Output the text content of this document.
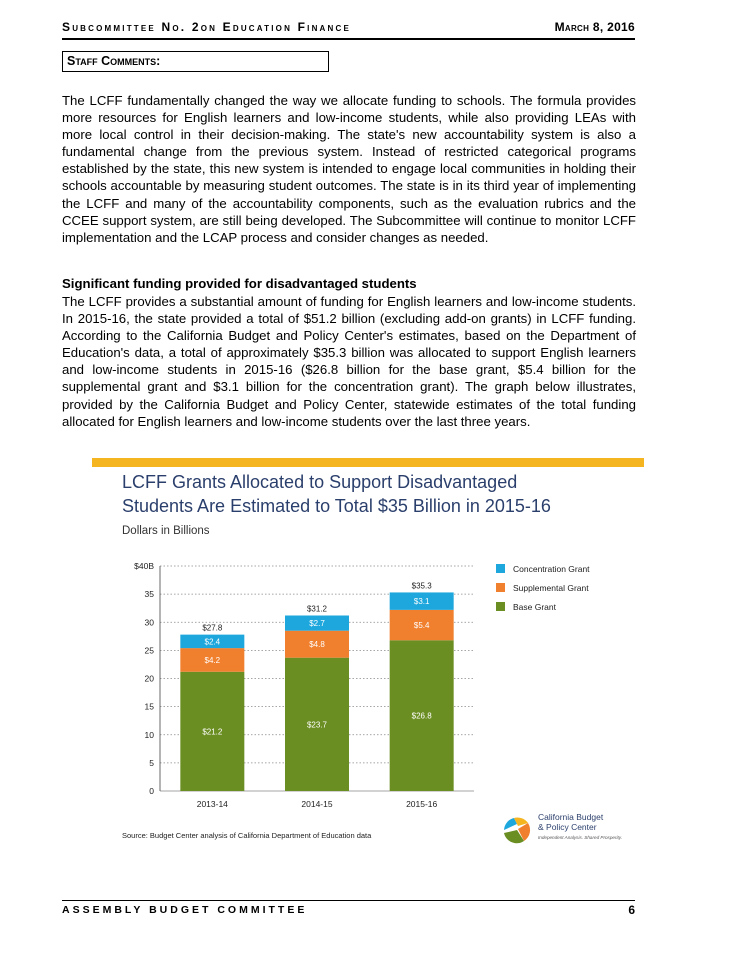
Subcommittee No. 2on Education Finance	March 8, 2016
Staff Comments:

The LCFF fundamentally changed the way we allocate funding to schools. The formula provides more resources for English learners and low-income students, while also providing LEAs with more local control in their decision-making. The state's new accountability system is also a fundamental change from the previous system. Instead of restricted categorical programs established by the state, this new system is intended to engage local communities in holding their schools accountable by measuring student outcomes. The state is in its third year of implementing the LCFF and many of the accountability components, such as the evaluation rubrics and the CCEE support system, are still being developed. The Subcommittee will continue to monitor LCFF implementation and the LCAP process and consider changes as needed.

Significant funding provided for disadvantaged students

The LCFF provides a substantial amount of funding for English learners and low-income students. In 2015-16, the state provided a total of $51.2 billion (excluding add-on grants) in LCFF funding. According to the California Budget and Policy Center's estimates, based on the Department of Education's data, a total of approximately $35.3 billion was allocated to support English learners and low-income students in 2015-16 ($26.8 billion for the base grant, $5.4 billion for the supplemental grant and $3.1 billion for the concentration grant). The graph below illustrates, provided by the California Budget and Policy Center, statewide estimates of the total funding allocated for English learners and low-income students over the last three years.

LCFF Grants Allocated to Support Disadvantaged
Students Are Estimated to Total $35 Billion in 2015-16
Dollars in Billions
0
5
10
15
20
25
30
35
$40B
$21.2
$4.2
$2.4
$27.8
2013-14
$23.7
$4.8
$2.7
$31.2
2014-15
$26.8
$5.4
$3.1
$35.3
2015-16
Concentration Grant
Supplemental Grant
Base Grant
Source: Budget Center analysis of California Department of Education data
California Budget
& Policy Center
Independent Analysis. Shared Prosperity.
ASSEMBLY BUDGET COMMITTEE	6
